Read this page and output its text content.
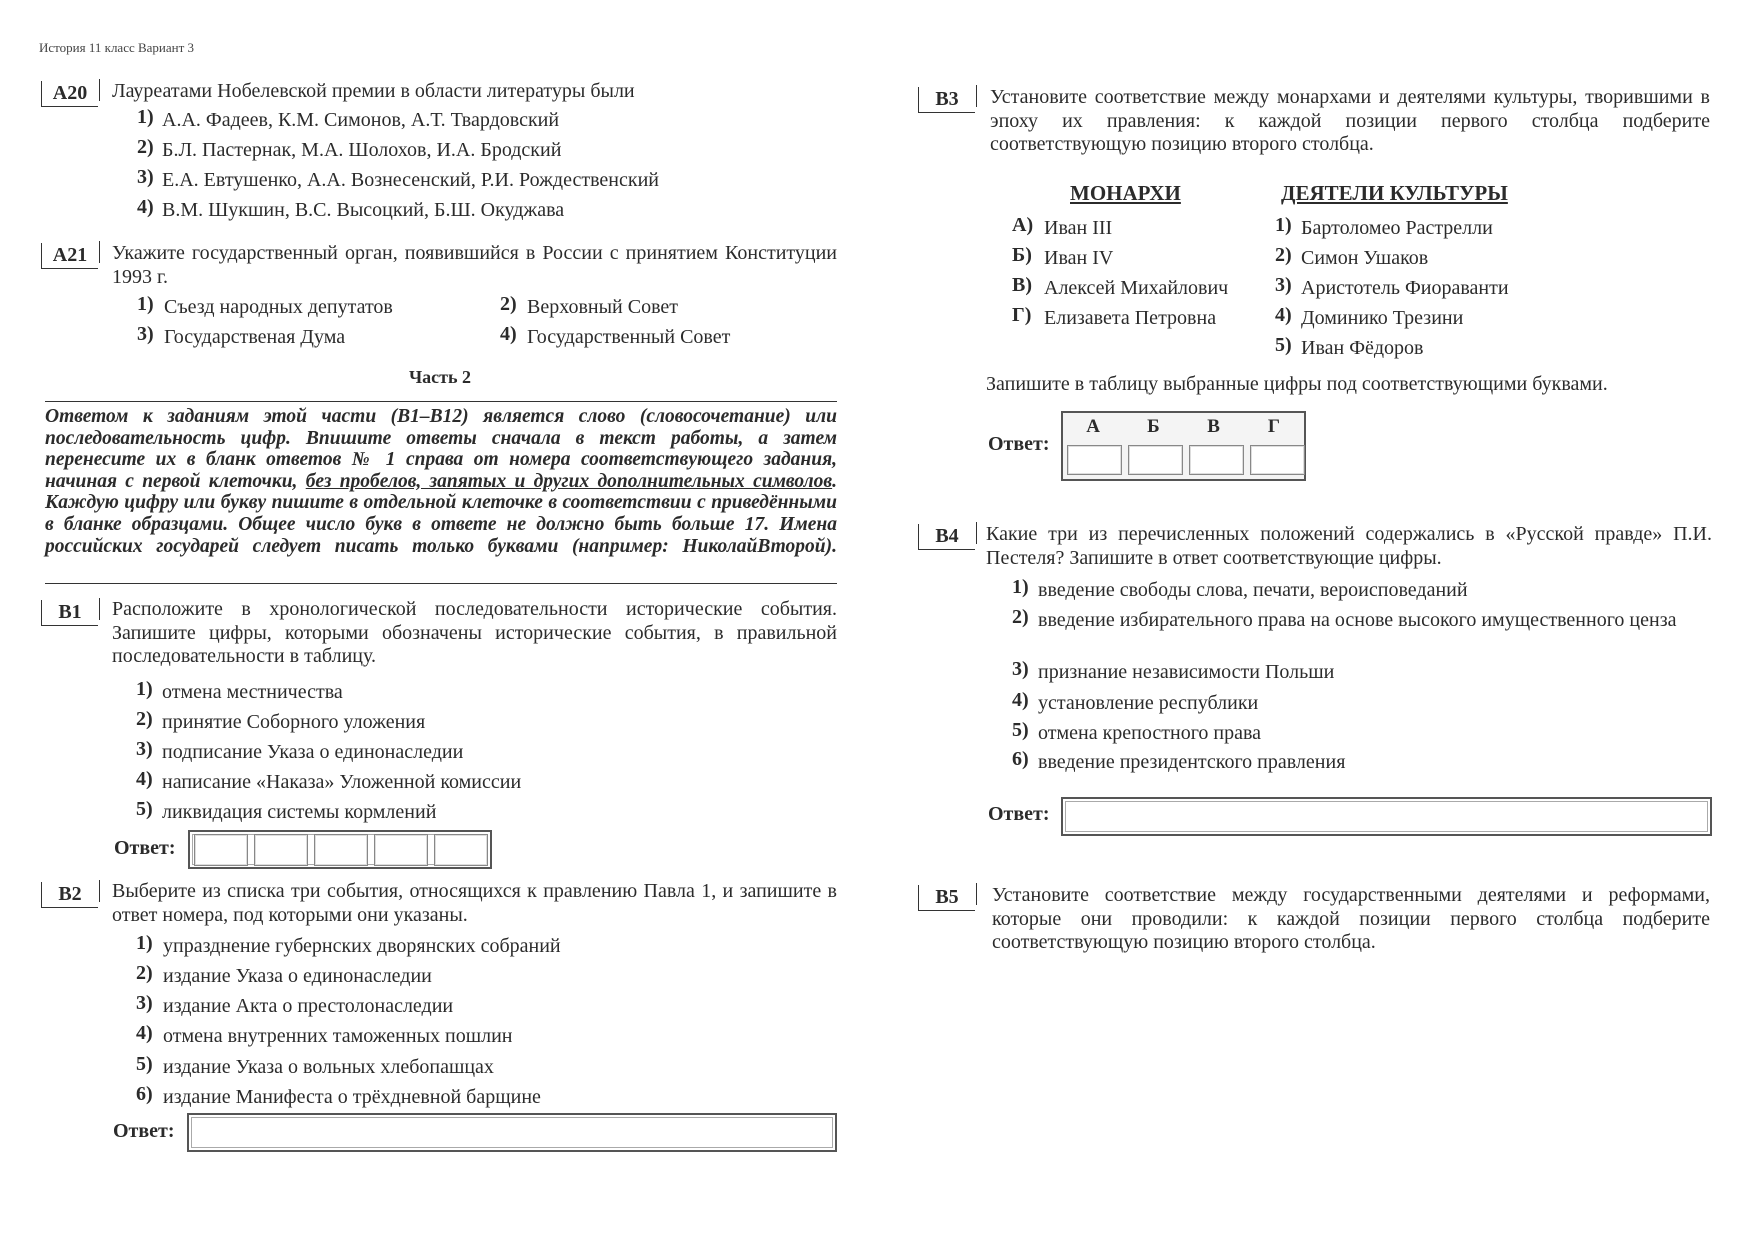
История 11 класс Вариант 3
A20	Лауреатами Нобелевской премии в области литературы были
1) А.А. Фадеев, К.М. Симонов, А.Т. Твардовский
2) Б.Л. Пастернак, М.А. Шолохов, И.А. Бродский
3) Е.А. Евтушенко, А.А. Вознесенский, Р.И. Рождественский
4) В.М. Шукшин, В.С. Высоцкий, Б.Ш. Окуджава
A21	Укажите государственный орган, появившийся в России с принятием Конституции 1993 г.
1) Съезд народных депутатов	2) Верховный Совет
3) Государственая Дума	4) Государственный Совет
Часть 2
Ответом к заданиям этой части (В1–В12) является слово (словосочетание) или последовательность цифр. Впишите ответы сначала в текст работы, а затем перенесите их в бланк ответов № 1 справа от номера соответствующего задания, начиная с первой клеточки, без пробелов, запятых и других дополнительных символов. Каждую цифру или букву пишите в отдельной клеточке в соответствии с приведёнными в бланке образцами. Общее число букв в ответе не должно быть больше 17. Имена российских государей следует писать только буквами (например: НиколайВторой).
B1	Расположите в хронологической последовательности исторические события. Запишите цифры, которыми обозначены исторические события, в правильной последовательности в таблицу.
1) отмена местничества
2) принятие Соборного уложения
3) подписание Указа о единонаследии
4) написание «Наказа» Уложенной комиссии
5) ликвидация системы кормлений
Ответ:
B2	Выберите из списка три события, относящихся к правлению Павла 1, и запишите в ответ номера, под которыми они указаны.
1) упразднение губернских дворянских собраний
2) издание Указа о единонаследии
3) издание Акта о престолонаследии
4) отмена внутренних таможенных пошлин
5) издание Указа о вольных хлебопашцах
6) издание Манифеста о трёхдневной барщине
Ответ:
B3	Установите соответствие между монархами и деятелями культуры, творившими в эпоху их правления: к каждой позиции первого столбца подберите соответствующую позицию второго столбца.
МОНАРХИ	ДЕЯТЕЛИ КУЛЬТУРЫ
А) Иван III
Б) Иван IV
В) Алексей Михайлович
Г) Елизавета Петровна
1) Бартоломео Растрелли
2) Симон Ушаков
3) Аристотель Фиораванти
4) Доминико Трезини
5) Иван Фёдоров
Запишите в таблицу выбранные цифры под соответствующими буквами.
Ответ:
А	Б	В	Г
B4	Какие три из перечисленных положений содержались в «Русской правде» П.И. Пестеля? Запишите в ответ соответствующие цифры.
1) введение свободы слова, печати, вероисповеданий
2) введение избирательного права на основе высокого имущественного ценза
3) признание независимости Польши
4) установление республики
5) отмена крепостного права
6) введение президентского правления
Ответ:
B5	Установите соответствие между государственными деятелями и реформами, которые они проводили: к каждой позиции первого столбца подберите соответствующую позицию второго столбца.
